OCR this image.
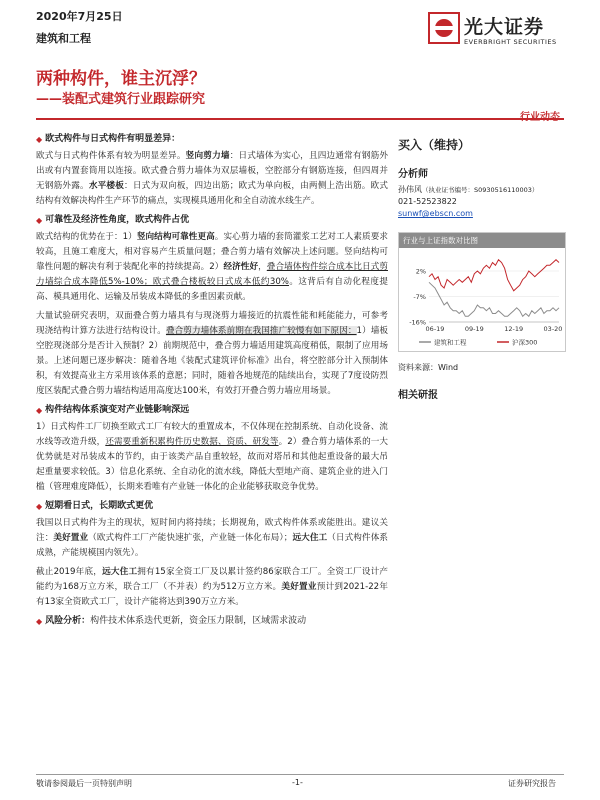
2020年7月25日
建筑和工程
光大证券
EVERBRIGHT SECURITIES
两种构件，谁主沉浮？
——装配式建筑行业跟踪研究
◆ 欧式构件与日式构件有明显差异：

欧式与日式构件体系有较为明显差异。竖向剪力墙：日式墙体为实心，且四边通常有钢筋外出或有内置套筒用以连接。欧式叠合剪力墙体为双层墙板，空腔部分有钢筋连接，但四周并无钢筋外露。水平楼板：日式为双向板，四边出筋；欧式为单向板，由两侧上浩出筋。欧式结构有效解决构件生产环节的痛点，实现模具通用化和全自动流水线生产。

◆ 可靠性及经济性角度，欧式构件占优

欧式结构的优势在于：1）竖向结构可靠性更高。实心剪力墙的套筒灌浆工艺对工人素质要求较高，且施工难度大，相对容易产生质量问题；叠合剪力墙有效解决上述问题。竖向结构可靠性问题的解决有利于装配化率的持续提高。2）经济性好，叠合墙体构件综合成本比日式剪力墙综合成本降低5%-10%；欧式叠合楼板较日式成本低约30%。这背后有自动化程度提高、模具通用化、运输及吊装成本降低的多重因素贡献。

大量试验研究表明，双面叠合剪力墙具有与现浇剪力墙接近的抗震性能和耗能能力，可参考现浇结构计算方法进行结构设计。叠合剪力墙体系前期在我国推广较慢有如下原因：1）墙板空腔现浇部分是否计入预制？2）前期规范中，叠合剪力墙适用建筑高度稍低，限制了应用场景。上述问题已逐步解决：随着各地《装配式建筑评价标准》出台，将空腔部分计入预制体积，有效提高业主方采用该体系的意愿；同时，随着各地规范的陆续出台，实现了7度设防烈度区装配式叠合剪力墙结构适用高度达100米，有效打开叠合剪力墙应用场景。

◆ 构件结构体系演变对产业链影响深远

1）日式构件工厂切换至欧式工厂有较大的重置成本，不仅体现在控制系统、自动化设备、流水线等改造升级，还需要重新积累构件历史数据、资质、研发等。2）叠合剪力墙体系的一大优势就是对吊装成本的节约，由于该类产品自重较轻，故而对塔吊和其他起重设备的最大吊起重量要求较低。3）信息化系统、全自动化的流水线，降低大型地产商、建筑企业的进入门槛（管理难度降低），长期来看唯有产业链一体化的企业能够获取竞争优势。

◆ 短期看日式，长期欧式更优

我国以日式构件为主的现状，短时间内将持续；长期视角，欧式构件体系或能胜出。建议关注：美好置业（欧式构件工厂产能快速扩张，产业链一体化布局）；远大住工（日式构件体系成熟，产能规模国内领先）。

截止2019年底，远大住工拥有15家全资工厂及以累计签约86家联合工厂。全资工厂设计产能约为168万立方米，联合工厂（不并表）约为512万立方米。美好置业预计到2021-22年有13家全资欧式工厂，设计产能将达到390万立方米。

◆ 风险分析： 构件技术体系迭代更新，资金压力限制，区域需求波动
买入（维持）
分析师
孙伟风（执业证书编号：S0930516110003）
021-52523822
sunwf@ebscn.com
行业与上证指数对比图
2%
-7%
-16%
06-19	09-19	12-19	03-20
建筑和工程	沪深300
资料来源：Wind
相关研报
敬请参阅最后一页特别声明	-1-	证券研究报告
